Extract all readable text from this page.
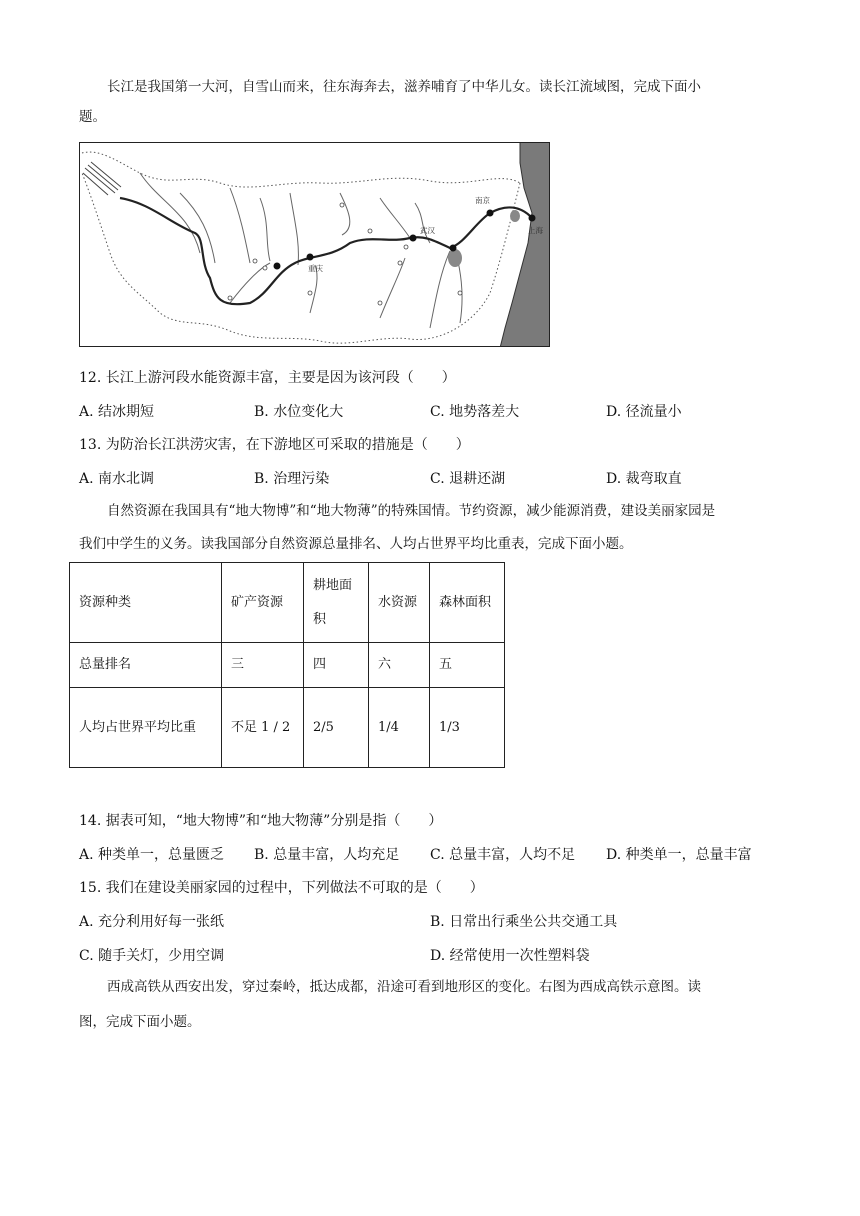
长江是我国第一大河，自雪山而来，往东海奔去，滋养哺育了中华儿女。读长江流域图，完成下面小
题。
重庆
武汉
南京
上海
12. 长江上游河段水能资源丰富，主要是因为该河段（　　）
A. 结冰期短	B. 水位变化大	C. 地势落差大	D. 径流量小
13. 为防治长江洪涝灾害，在下游地区可采取的措施是（　　）
A. 南水北调	B. 治理污染	C. 退耕还湖	D. 裁弯取直
自然资源在我国具有“地大物博”和“地大物薄”的特殊国情。节约资源，减少能源消费，建设美丽家园是
我们中学生的义务。读我国部分自然资源总量排名、人均占世界平均比重表，完成下面小题。
资源种类	矿产资源	耕地面积	水资源	森林面积
总量排名	三	四	六	五
人均占世界平均比重	不足 1 / 2	2/5	1/4	1/3
14. 据表可知，“地大物博”和“地大物薄”分别是指（　　）
A. 种类单一，总量匮乏 B. 总量丰富，人均充足 C. 总量丰富，人均不足 D. 种类单一，总量丰富
15. 我们在建设美丽家园的过程中，下列做法不可取的是（　　）
A. 充分利用好每一张纸	B. 日常出行乘坐公共交通工具
C. 随手关灯，少用空调	D. 经常使用一次性塑料袋
西成高铁从西安出发，穿过秦岭，抵达成都，沿途可看到地形区的变化。右图为西成高铁示意图。读
图，完成下面小题。
